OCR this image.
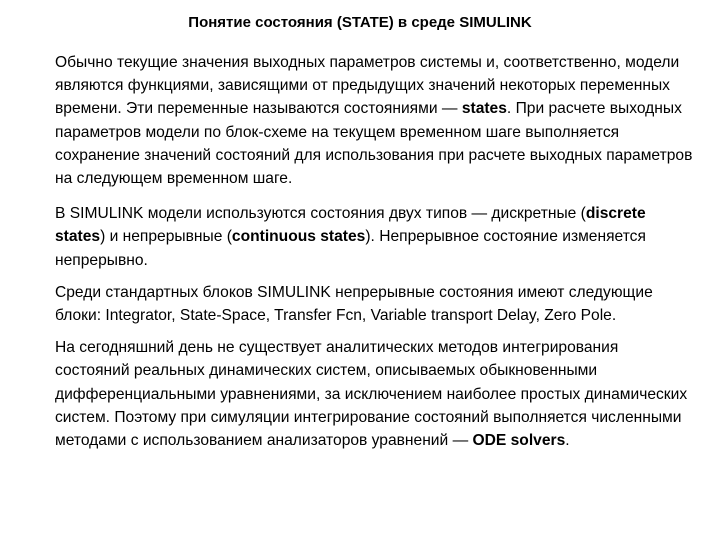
Понятие состояния (STATE) в среде SIMULINK

Обычно текущие значения выходных параметров системы и, соответственно, модели являются функциями, зависящими от предыдущих значений некоторых переменных времени. Эти переменные называются состояниями — states. При расчете выходных параметров модели по блок-схеме на текущем временном шаге выполняется сохранение значений состояний для использования при расчете выходных параметров на следующем временном шаге.

В SIMULINK модели используются состояния двух типов — дискретные (discrete states) и непрерывные (continuous states). Непрерывное состояние изменяется непрерывно.

Среди стандартных блоков SIMULINK непрерывные состояния имеют следующие блоки: Integrator, State-Space, Transfer Fcn, Variable transport Delay, Zero Pole.

На сегодняшний день не существует аналитических методов интегрирования состояний реальных динамических систем, описываемых обыкновенными дифференциальными уравнениями, за исключением наиболее простых динамических систем. Поэтому при симуляции интегрирование состояний выполняется численными методами с использованием анализаторов уравнений — ODE solvers.
